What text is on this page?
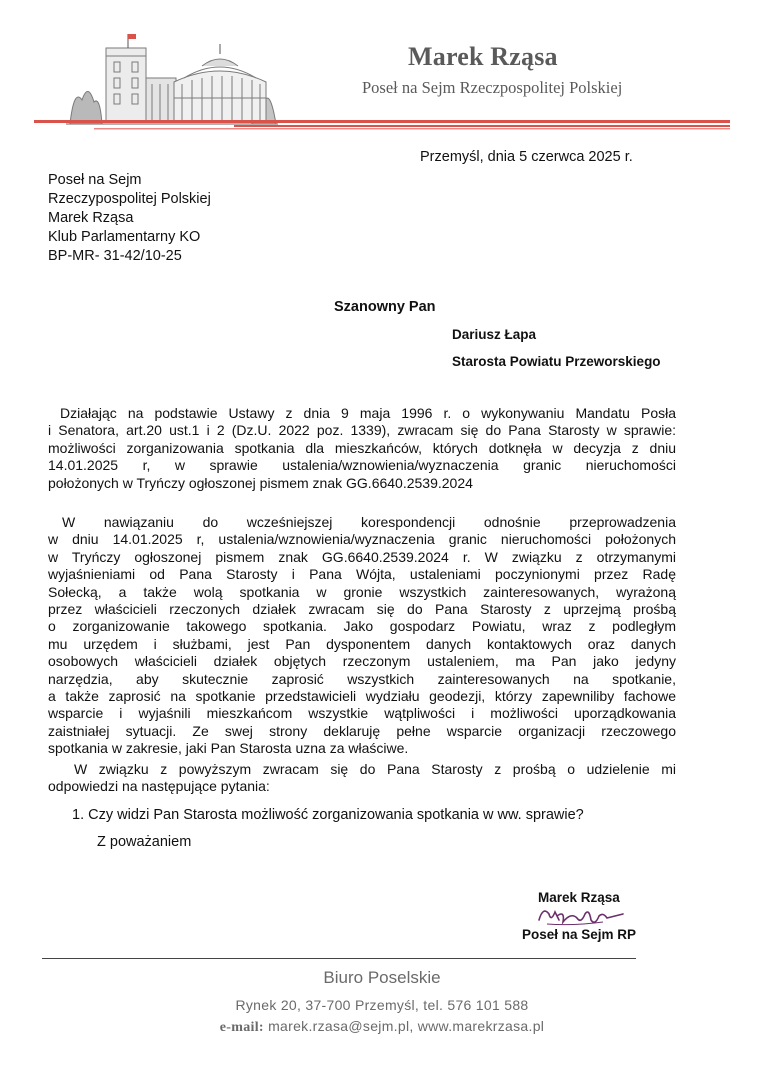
Marek Rząsa
Poseł na Sejm Rzeczpospolitej Polskiej
Przemyśl, dnia 5 czerwca 2025 r.
Poseł na Sejm
Rzeczypospolitej Polskiej
Marek Rząsa
Klub Parlamentarny KO
BP-MR- 31-42/10-25
Szanowny Pan
Dariusz Łapa
Starosta Powiatu Przeworskiego
Działając na podstawie Ustawy z dnia 9 maja 1996 r. o wykonywaniu Mandatu Posła
i Senatora, art.20 ust.1 i 2 (Dz.U. 2022 poz. 1339), zwracam się do Pana Starosty w sprawie:
możliwości zorganizowania spotkania dla mieszkańców, których dotknęła w decyzja z dniu
14.01.2025 r, w sprawie ustalenia/wznowienia/wyznaczenia granic nieruchomości
położonych w Tryńczy ogłoszonej pismem znak GG.6640.2539.2024
W nawiązaniu do wcześniejszej korespondencji odnośnie przeprowadzenia
w dniu 14.01.2025 r, ustalenia/wznowienia/wyznaczenia granic nieruchomości położonych
w Tryńczy ogłoszonej pismem znak GG.6640.2539.2024 r. W związku z otrzymanymi
wyjaśnieniami od Pana Starosty i Pana Wójta, ustaleniami poczynionymi przez Radę
Sołecką, a także wolą spotkania w gronie wszystkich zainteresowanych, wyrażoną
przez właścicieli rzeczonych działek zwracam się do Pana Starosty z uprzejmą prośbą
o zorganizowanie takowego spotkania. Jako gospodarz Powiatu, wraz z podległym
mu urzędem i służbami, jest Pan dysponentem danych kontaktowych oraz danych
osobowych właścicieli działek objętych rzeczonym ustaleniem, ma Pan jako jedyny
narzędzia, aby skutecznie zaprosić wszystkich zainteresowanych na spotkanie,
a także zaprosić na spotkanie przedstawicieli wydziału geodezji, którzy zapewniliby fachowe
wsparcie i wyjaśnili mieszkańcom wszystkie wątpliwości i możliwości uporządkowania
zaistniałej sytuacji. Ze swej strony deklaruję pełne wsparcie organizacji rzeczowego
spotkania w zakresie, jaki Pan Starosta uzna za właściwe.
W związku z powyższym zwracam się do Pana Starosty z prośbą o udzielenie mi
odpowiedzi na następujące pytania:
1. Czy widzi Pan Starosta możliwość zorganizowania spotkania w ww. sprawie?
Z poważaniem
Marek Rząsa
Poseł na Sejm RP
Biuro Poselskie
Rynek 20, 37-700 Przemyśl, tel. 576 101 588
e-mail: marek.rzasa@sejm.pl, www.marekrzasa.pl
